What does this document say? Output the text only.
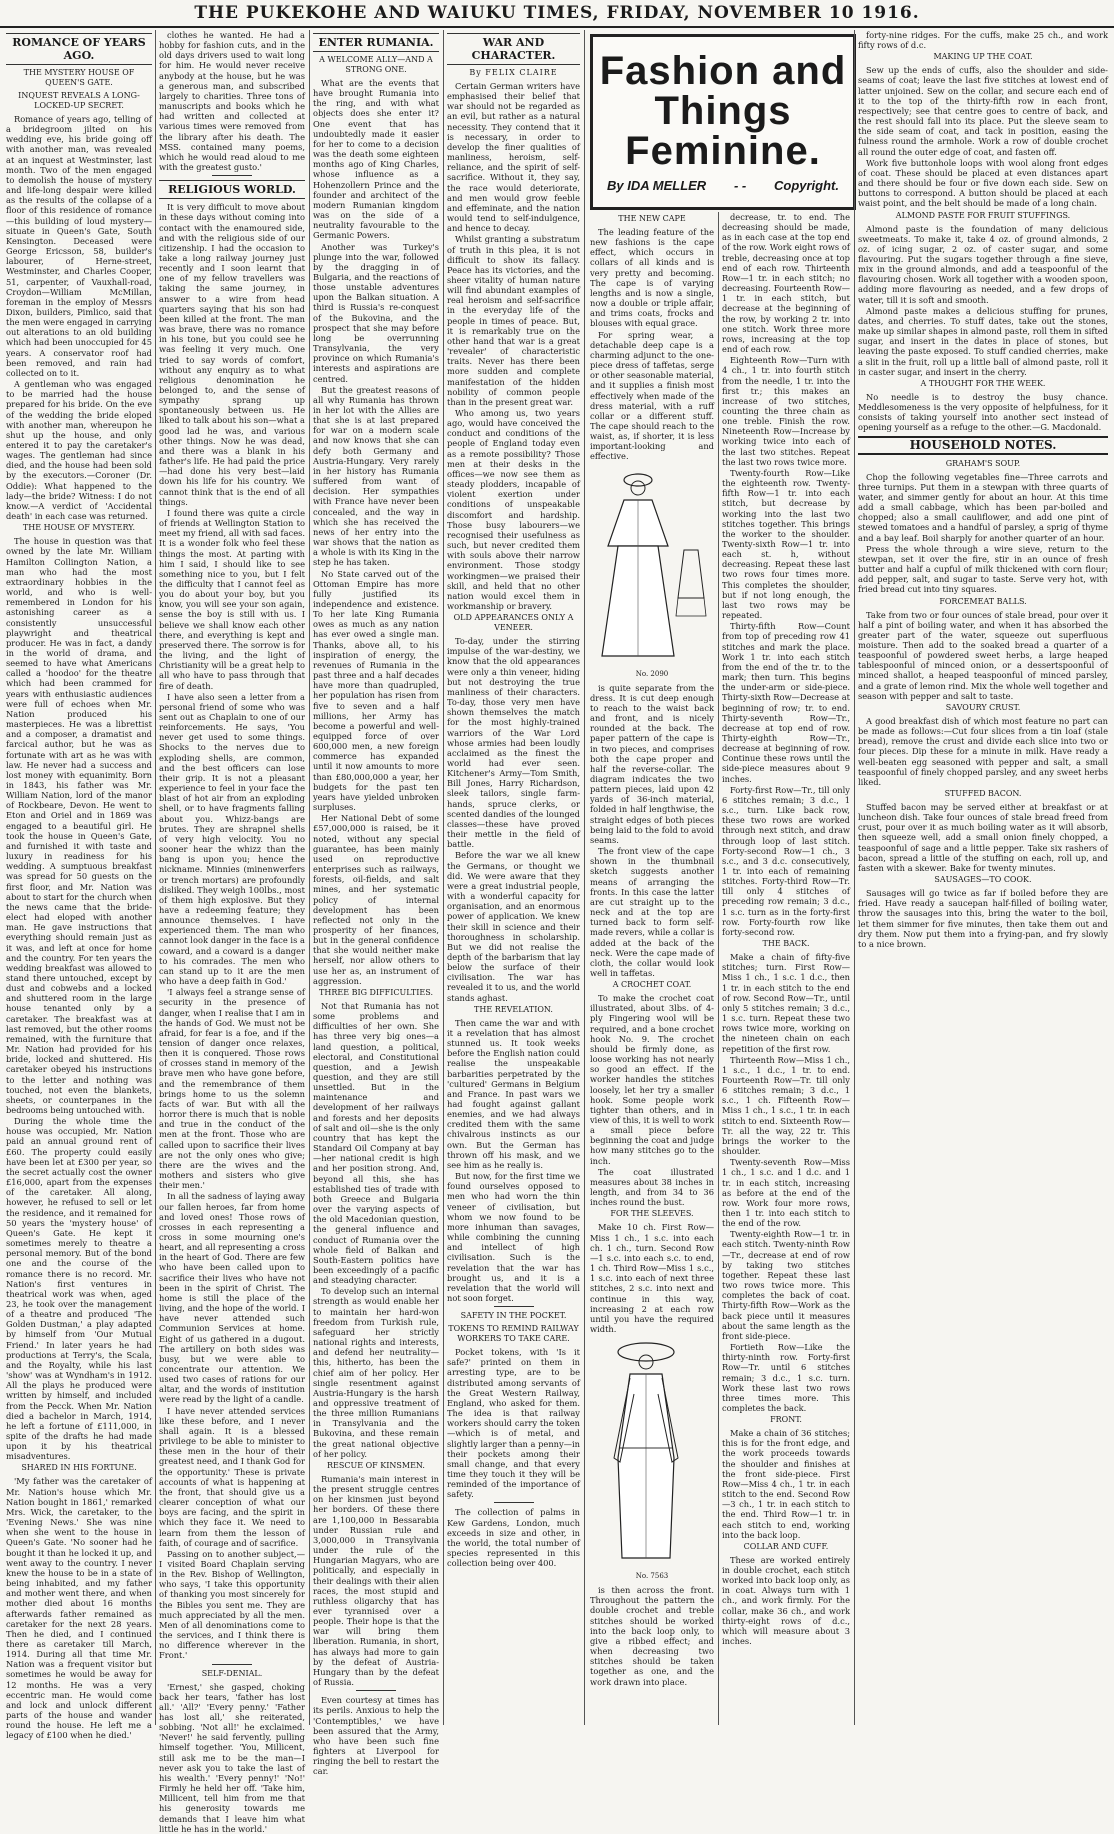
THE PUKEKOHE AND WAIUKU TIMES, FRIDAY, NOVEMBER 10 1916.
ROMANCE OF YEARS AGO.
THE MYSTERY HOUSE OF QUEEN'S GATE.
INQUEST REVEALS A LONG-LOCKED-UP SECRET.

Romance of years ago, telling of a bridegroom jilted on his wedding eve, his bride going off with another man, was revealed at an inquest at Westminster, last month. Two of the men engaged to demolish the house of mystery and life-long despair were killed as the results of the collapse of a floor of this residence of romance—this building of loud mystery—situate in Queen's Gate, South Kensington. Deceased were George Ericsson, 58, builder's labourer, of Herne-street, Westminster, and Charles Cooper, 51, carpenter, of Vauxhall-road, Croydon—William McMillan, foreman in the employ of Messrs Dixon, builders, Pimlico, said that the men were engaged in carrying out alterations to an old building which had been unoccupied for 45 years. A conservator roof had been removed, and rain had collected on to it.

A gentleman who was engaged to be married had the house prepared for his bride. On the eve of the wedding the bride eloped with another man, whereupon he shut up the house, and only entered it to pay the caretaker's wages. The gentleman had since died, and the house had been sold by the executors.—Coroner (Dr. Oddie): What happened to the lady—the bride? Witness: I do not know.—A verdict of 'Accidental death' in each case was returned.

THE HOUSE OF MYSTERY.

The house in question was that owned by the late Mr. William Hamilton Collington Nation, a man who had the most extraordinary hobbies in the world, and who is well-remembered in London for his astonishing career as a consistently unsuccessful playwright and theatrical producer. He was in fact, a dandy in the world of drama, and seemed to have what Americans called a 'hoodoo' for the theatre which had been crammed for years with enthusiastic audiences were full of echoes when Mr. Nation produced his masterpieces. He was a librettist and a composer, a dramatist and farcical author, but he was as fortunate with art as he was with law. He never had a success and lost money with equanimity. Born in 1843, his father was Mr. William Nation, lord of the manor of Rockbeare, Devon. He went to Eton and Oriel and in 1869 was engaged to a beautiful girl. He took the house in Queen's Gate, and furnished it with taste and luxury in readiness for his wedding. A sumptuous breakfast was spread for 50 guests on the first floor, and Mr. Nation was about to start for the church when the news came that the bride-elect had eloped with another man. He gave instructions that everything should remain just as it was, and left at once for home and the country. For ten years the wedding breakfast was allowed to stand there untouched, except by dust and cobwebs and a locked and shuttered room in the large house tenanted only by a caretaker. The breakfast was at last removed, but the other rooms remained, with the furniture that Mr. Nation had provided for his bride, locked and shuttered. His caretaker obeyed his instructions to the letter and nothing was touched, not even the blankets, sheets, or counterpanes in the bedrooms being untouched with.

During the whole time the house was occupied, Mr. Nation paid an annual ground rent of £60. The property could easily have been let at £300 per year, so the secret actually cost the owner £16,000, apart from the expenses of the caretaker. All along, however, he refused to sell or let the residence, and it remained for 50 years the 'mystery house' of Queen's Gate. He kept it sometimes merely to theatre a personal memory. But of the bond one and the course of the romance there is no record. Mr. Nation's first ventures in theatrical work was when, aged 23, he took over the management of a theatre and produced 'The Golden Dustman,' a play adapted by himself from 'Our Mutual Friend.' In later years he had productions at Terry's, the Scala, and the Royalty, while his last 'show' was at Wyndham's in 1912. All the plays he produced were written by himself, and included from the Pecck. When Mr. Nation died a bachelor in March, 1914, he left a fortune of £111,000, in spite of the drafts he had made upon it by his theatrical misadventures.

SHARED IN HIS FORTUNE.

'My father was the caretaker of Mr. Nation's house which Mr. Nation bought in 1861,' remarked Mrs. Wick, the caretaker, to the 'Evening News.' She was nine when she went to the house in Queen's Gate. 'No sooner had he bought it than he locked it up, and went away to the country. I never knew the house to be in a state of being inhabited, and my father and mother went there, and when mother died about 16 months afterwards father remained as caretaker for the next 28 years. Then he died, and I continued there as caretaker till March, 1914. During all that time Mr. Nation was a frequent visitor but sometimes he would be away for 12 months. He was a very eccentric man. He would come and lock and unlock different parts of the house and wander round the house. He left me a legacy of £100 when he died.'

clothes he wanted. He had a hobby for fashion cuts, and in the old days drivers used to wait long for him. He would never receive anybody at the house, but he was a generous man, and subscribed largely to charities. Three tons of manuscripts and books which he had written and collected at various times were removed from the library after his death. The MSS. contained many poems, which he would read aloud to me with the greatest gusto.'

RELIGIOUS WORLD.

It is very difficult to move about in these days without coming into contact with the enamoured side, and with the religious side of our citizenship. I had the occasion to take a long railway journey just recently and I soon learnt that one of my fellow travellers was taking the same journey, in answer to a wire from head quarters saying that his son had been killed at the front. The man was brave, there was no romance in his tone, but you could see he was feeling it very much. One tried to say words of comfort, without any enquiry as to what religious denomination he belonged to, and the sense of sympathy sprang up spontaneously between us. He liked to talk about his son—what a good lad he was, and various other things. Now he was dead, and there was a blank in his father's life. He had paid the price—had done his very best—laid down his life for his country. We cannot think that is the end of all things.

I found there was quite a circle of friends at Wellington Station to meet my friend, all with sad faces. It is a wonder folk who feel these things the most. At parting with him I said, I should like to see something nice to you, but I felt the difficulty that I cannot feel as you do about your boy, but you know, you will see your son again, sense the boy is still with us. I believe we shall know each other there, and everything is kept and preserved there. The sorrow is for the living, and the light of Christianity will be a great help to all who have to pass through that fire of death.

I have also seen a letter from a personal friend of some who was sent out as Chaplain to one of our reinforcements. He says, 'You never get used to some things. Shocks to the nerves due to exploding shells, are common, and the best officers can lose their grip. It is not a pleasant experience to feel in your face the blast of hot air from an exploding shell, or to have fragments falling about you. Whizz-bangs are brutes. They are shrapnel shells of very high velocity. You no sooner hear the whizz than the bang is upon you; hence the nickname. Minnies (minenwerfers or trench mortars) are profoundly disliked. They weigh 100lbs., most of them high explosive. But they have a redeeming feature; they announce themselves. I have experienced them. The man who cannot look danger in the face is a coward, and a coward is a danger to his comrades. The men who can stand up to it are the men who have a deep faith in God.'

'I always feel a strange sense of security in the presence of danger, when I realise that I am in the hands of God. We must not be afraid, for fear is a foe, and if the tension of danger once relaxes, then it is conquered. Those rows of crosses stand in memory of the brave men who have gone before, and the remembrance of them brings home to us the solemn facts of war. But with all the horror there is much that is noble and true in the conduct of the men at the front. Those who are called upon to sacrifice their lives are not the only ones who give; there are the wives and the mothers and sisters who give their men.'

In all the sadness of laying away our fallen heroes, far from home and loved ones! Those rows of crosses in each representing a cross in some mourning one's heart, and all representing a cross in the heart of God. There are few who have been called upon to sacrifice their lives who have not been in the spirit of Christ. The home is still the place of the living, and the hope of the world. I have never attended such Communion Services at home. Eight of us gathered in a dugout. The artillery on both sides was busy, but we were able to concentrate our attention. We used two cases of rations for our altar, and the words of institution were read by the light of a candle.

I have never attended services like these before, and I never shall again. It is a blessed privilege to be able to minister to these men in the hour of their greatest need, and I thank God for the opportunity.' These is private accounts of what is happening at the front, that should give us a clearer conception of what our boys are facing, and the spirit in which they face it. We need to learn from them the lesson of faith, of courage and of sacrifice.

Passing on to another subject,—I visited Board Chaplain serving in the Rev. Bishop of Wellington, who says, 'I take this opportunity of thanking you most sincerely for the Bibles you sent me. They are much appreciated by all the men. Men of all denominations come to the services, and I think there is no difference wherever in the Front.'

SELF-DENIAL.

'Ernest,' she gasped, choking back her tears, 'father has lost all.' 'All?' 'Every penny.' 'Father has lost all,' she reiterated, sobbing. 'Not all!' he exclaimed. 'Never!' he said fervently, pulling himself together. 'You, Millicent, still ask me to be the man—I never ask you to take the last of his wealth.' 'Every penny!' 'No!' Firmly he held her off. 'Take him, Millicent, tell him from me that his generosity towards me demands that I leave him what little he has in the world.'

ENTER RUMANIA.
A WELCOME ALLY—AND A STRONG ONE.

What are the events that have brought Rumania into the ring, and with what objects does she enter it? One event that has undoubtedly made it easier for her to come to a decision was the death some eighteen months ago of King Charles, whose influence as a Hohenzollern Prince and the founder and architect of the modern Rumanian kingdom was on the side of a neutrality favourable to the Germanic Powers.

Another was Turkey's plunge into the war, followed by the dragging in of Bulgaria, and the reactions of those unstable adventures upon the Balkan situation. A third is Russia's re-conquest of the Bukovina, and the prospect that she may before long be overrunning Transylvania, the very province on which Rumania's interests and aspirations are centred.

But the greatest reasons of all why Rumania has thrown in her lot with the Allies are that she is at last prepared for war on a modern scale and now knows that she can defy both Germany and Austria-Hungary. Very rarely in her history has Rumania suffered from want of decision. Her sympathies with France have never been concealed, and the way in which she has received the news of her entry into the war shows that the nation as a whole is with its King in the step he has taken.

No State carved out of the Ottoman Empire has more fully justified its independence and existence. To her late King Rumania owes as much as any nation has ever owed a single man. Thanks, above all, to his inspiration of energy, the revenues of Rumania in the past three and a half decades have more than quadrupled, her population has risen from five to seven and a half millions, her Army has become a powerful and well-equipped force of over 600,000 men, a new foreign commerce has expanded until it now amounts to more than £80,000,000 a year, her budgets for the past ten years have yielded unbroken surpluses.

Her National Debt of some £57,000,000 is raised, be it noted, without any special guarantee, has been mainly used on reproductive enterprises such as railways, forests, oil-fields, and salt mines, and her systematic policy of internal development has been reflected not only in the prosperity of her finances, but in the general confidence that she would neither make herself, nor allow others to use her as, an instrument of aggression.

THREE BIG DIFFICULTIES.

Not that Rumania has not some problems and difficulties of her own. She has three very big ones—a land question, a political, electoral, and Constitutional question, and a Jewish question, and they are still unsettled. But in the maintenance and development of her railways and forests and her deposits of salt and oil—she is the only country that has kept the Standard Oil Company at bay—her national credit is high and her position strong. And, beyond all this, she has established ties of trade with both Greece and Bulgaria over the varying aspects of the old Macedonian question, the general influence and conduct of Rumania over the whole field of Balkan and South-Eastern politics have been exceedingly of a pacific and steadying character.

To develop such an internal strength as would enable her to maintain her hard-won freedom from Turkish rule, safeguard her strictly national rights and interests, and defend her neutrality—this, hitherto, has been the chief aim of her policy. Her single resentment against Austria-Hungary is the harsh and oppressive treatment of the three million Rumanians in Transylvania and the Bukovina, and these remain the great national objective of her policy.

RESCUE OF KINSMEN.

Rumania's main interest in the present struggle centres on her kinsmen just beyond her borders. Of these there are 1,100,000 in Bessarabia under Russian rule and 3,000,000 in Transylvania under the rule of the Hungarian Magyars, who are politically, and especially in their dealings with their alien races, the most stupid and ruthless oligarchy that has ever tyrannised over a people. Their hope is that the war will bring them liberation. Rumania, in short, has always had more to gain by the defeat of Austria-Hungary than by the defeat of Russia.

Even courtesy at times has its perils. Anxious to help the 'Contemptibles,' we have been assured that the Army, who have been such fine fighters at Liverpool for ringing the bell to restart the car.

WAR AND CHARACTER.
By FELIX CLAIRE

Certain German writers have emphasised their belief that war should not be regarded as an evil, but rather as a natural necessity. They contend that it is necessary, in order to develop the finer qualities of manliness, heroism, self-reliance, and the spirit of self-sacrifice. Without it, they say, the race would deteriorate, and men would grow feeble and effeminate, and the nation would tend to self-indulgence, and hence to decay.

Whilst granting a substratum of truth in this plea, it is not difficult to show its fallacy. Peace has its victories, and the sheer vitality of human nature will find abundant examples of real heroism and self-sacrifice in the everyday life of the people in times of peace. But, it is remarkably true on the other hand that war is a great 'revealer' of characteristic traits. Never has there been more sudden and complete manifestation of the hidden nobility of common people than in the present great war.

Who among us, two years ago, would have conceived the conduct and conditions of the people of England today even as a remote possibility? Those men at their desks in the offices—we now see them as steady plodders, incapable of violent exertion under conditions of unspeakable discomfort and hardship. Those busy labourers—we recognised their usefulness as such, but never credited them with souls above their narrow environment. Those stodgy workingmen—we praised their skill, and held that no other nation would excel them in workmanship or bravery.

OLD APPEARANCES ONLY A VENEER.

To-day, under the stirring impulse of the war-destiny, we know that the old appearances were only a thin veneer, hiding but not destroying the true manliness of their characters. To-day, those very men have shown themselves the match for the most highly-trained warriors of the War Lord whose armies had been loudly acclaimed as the finest the world had ever seen. Kitchener's Army—Tom Smith, Bill Jones, Harry Richardson, sleek tailors, single farm-hands, spruce clerks, or scented dandies of the lounged classes—these have proved their mettle in the field of battle.

Before the war we all knew the Germans, or thought we did. We were aware that they were a great industrial people, with a wonderful capacity for organisation, and an enormous power of application. We knew their skill in science and their thoroughness in scholarship. But we did not realise the depth of the barbarism that lay below the surface of their civilisation. The war has revealed it to us, and the world stands aghast.

THE REVELATION.

Then came the war and with it a revelation that has almost stunned us. It took weeks before the English nation could realise the unspeakable barbarities perpetrated by the 'cultured' Germans in Belgium and France. In past wars we had fought against gallant enemies, and we had always credited them with the same chivalrous instincts as our own. But the German has thrown off his mask, and we see him as he really is.

But now, for the first time we found ourselves opposed to men who had worn the thin veneer of civilisation, but whom we now found to be more inhuman than savages, while combining the cunning and intellect of high civilisation. Such is the revelation that the war has brought us, and it is a revelation that the world will not soon forget.

SAFETY IN THE POCKET.
TOKENS TO REMIND RAILWAY WORKERS TO TAKE CARE.

Pocket tokens, with 'Is it safe?' printed on them in arresting type, are to be distributed among servants of the Great Western Railway, England, who asked for them. The idea is that railway workers should carry the token—which is of metal, and slightly larger than a penny—in their pockets among their small change, and that every time they touch it they will be reminded of the importance of safety.

The collection of palms in Kew Gardens, London, much exceeds in size and other, in the world, the total number of species represented in this collection being over 400.

Fashion and Things
Feminine.
By IDA MELLER - - Copyright.
THE NEW CAPE

The leading feature of the new fashions is the cape effect, which occurs in collars of all kinds and is very pretty and becoming. The cape is of varying lengths and is now a single, now a double or triple affair, and trims coats, frocks and blouses with equal grace.

For spring wear, a detachable deep cape is a charming adjunct to the one-piece dress of taffetas, serge or other seasonable material, and it supplies a finish most effectively when made of the dress material, with a ruff collar or a different stuff. The cape should reach to the waist, as, if shorter, it is less important-looking and effective.

No. 2090

is quite separate from the dress. It is cut deep enough to reach to the waist back and front, and is nicely rounded at the back. The paper pattern of the cape is in two pieces, and comprises both the cape proper and half the reverse-collar. The diagram indicates the two pattern pieces, laid upon 42 yards of 36-inch material, folded in half lengthwise, the straight edges of both pieces being laid to the fold to avoid seams.

The front view of the cape shown in the thumbnail sketch suggests another means of arranging the fronts. In this case the latter are cut straight up to the neck and at the top are turned back to form self-made revers, while a collar is added at the back of the neck. Were the cape made of cloth, the collar would look well in taffetas.

A CROCHET COAT.

To make the crochet coat illustrated, about 3lbs. of 4-ply Fingering wool will be required, and a bone crochet hook No. 9. The crochet should be firmly done, as loose working has not nearly so good an effect. If the worker handles the stitches loosely, let her try a smaller hook. Some people work tighter than others, and in view of this, it is well to work a small piece before beginning the coat and judge how many stitches go to the inch.

The coat illustrated measures about 38 inches in length, and from 34 to 36 inches round the bust.

FOR THE SLEEVES.

Make 10 ch. First Row—Miss 1 ch., 1 s.c. into each ch. 1 ch., turn. Second Row—1 s.c. into each s.c. to end, 1 ch. Third Row—Miss 1 s.c., 1 s.c. into each of next three stitches, 2 s.c. into next and continue in this way, increasing 2 at each row until you have the required width.

No. 7563

is then across the front. Throughout the pattern the double crochet and treble stitches should be worked into the back loop only, to give a ribbed effect; and when decreasing two stitches should be taken together as one, and the work drawn into place.

decrease, tr. to end. The decreasing should be made, as in each case at the top end of the row. Work eight rows of treble, decreasing once at top end of each row. Thirteenth Row—1 tr. in each stitch; no decreasing. Fourteenth Row—1 tr. in each stitch, but decrease at the beginning of the row, by working 2 tr. into one stitch. Work three more rows, increasing at the top end of each row.

Eighteenth Row—Turn with 4 ch., 1 tr. into fourth stitch from the needle, 1 tr. into the first tr.; this makes an increase of two stitches, counting the three chain as one treble. Finish the row. Nineteenth Row—Increase by working twice into each of the last two stitches. Repeat the last two rows twice more.

Twenty-fourth Row—Like the eighteenth row. Twenty-fifth Row—1 tr. into each stitch, but decrease by working into the last two stitches together. This brings the worker to the shoulder. Twenty-sixth Row—1 tr. into each st. h, without decreasing. Repeat these last two rows four times more. This completes the shoulder, but if not long enough, the last two rows may be repeated.

Thirty-fifth Row—Count from top of preceding row 41 stitches and mark the place. Work 1 tr. into each stitch from the end of the tr. to the mark; then turn. This begins the under-arm or side-piece. Thirty-sixth Row—Decrease at beginning of row; tr. to end. Thirty-seventh Row—Tr., decrease at top end of row. Thirty-eighth Row—Tr., decrease at beginning of row. Continue these rows until the side-piece measures about 9 inches.

Forty-first Row—Tr., till only 6 stitches remain; 3 d.c., 1 s.c., turn. Like back row, these two rows are worked through next stitch, and draw through loop of last stitch. Forty-second Row—1 ch., 3 s.c., and 3 d.c. consecutively, 1 tr. into each of remaining stitches. Forty-third Row—Tr. till only 4 stitches of preceding row remain; 3 d.c., 1 s.c. turn as in the forty-first row. Forty-fourth row like forty-second row.

THE BACK.

Make a chain of fifty-five stitches; turn. First Row—Miss 1 ch., 1 s.c. 1 d.c., then 1 tr. in each stitch to the end of row. Second Row—Tr., until only 5 stitches remain; 3 d.c., 1 s.c. turn. Repeat these two rows twice more, working on the nineteen chain on each repetition of the first row.

Thirteenth Row—Miss 1 ch., 1 s.c., 1 d.c., 1 tr. to end. Fourteenth Row—Tr. till only 6 stitches remain; 3 d.c., 1 s.c., 1 ch. Fifteenth Row—Miss 1 ch., 1 s.c., 1 tr. in each stitch to end. Sixteenth Row—Tr. all the way, 22 tr. This brings the worker to the shoulder.

Twenty-seventh Row—Miss 1 ch., 1 s.c. and 1 d.c. and 1 tr. in each stitch, increasing as before at the end of the row. Work four more rows, then 1 tr. into each stitch to the end of the row.

Twenty-eighth Row—1 tr. in each stitch. Twenty-ninth Row—Tr., decrease at end of row by taking two stitches together. Repeat these last two rows twice more. This completes the back of coat. Thirty-fifth Row—Work as the back piece until it measures about the same length as the front side-piece.

Fortieth Row—Like the thirty-ninth row. Forty-first Row—Tr. until 6 stitches remain; 3 d.c., 1 s.c. turn. Work these last two rows three times more. This completes the back.

FRONT.

Make a chain of 36 stitches; this is for the front edge, and the work proceeds towards the shoulder and finishes at the front side-piece. First Row—Miss 4 ch., 1 tr. in each stitch to the end. Second Row—3 ch., 1 tr. in each stitch to the end. Third Row—1 tr. in each stitch to end, working into the back loop.

COLLAR AND CUFF.

These are worked entirely in double crochet, each stitch worked into back loop only, as in coat. Always turn with 1 ch., and work firmly. For the collar, make 36 ch., and work thirty-eight rows of d.c., which will measure about 3 inches.

forty-nine ridges. For the cuffs, make 25 ch., and work fifty rows of d.c.

MAKING UP THE COAT.

Sew up the ends of cuffs, also the shoulder and side-seams of coat; leave the last five stitches at lowest end of latter unjoined. Sew on the collar, and secure each end of it to the top of the thirty-fifth row in each front, respectively; see that centre goes to centre of back, and the rest should fall into its place. Put the sleeve seam to the side seam of coat, and tack in position, easing the fulness round the armhole. Work a row of double crochet all round the outer edge of coat, and fasten off.

Work five buttonhole loops with wool along front edges of coat. These should be placed at even distances apart and there should be four or five down each side. Sew on buttons to correspond. A button should be placed at each waist point, and the belt should be made of a long chain.

ALMOND PASTE FOR FRUIT STUFFINGS.

Almond paste is the foundation of many delicious sweetmeats. To make it, take 4 oz. of ground almonds, 2 oz. of icing sugar, 2 oz. of caster sugar, and some flavouring. Put the sugars together through a fine sieve, mix in the ground almonds, and add a teaspoonful of the flavouring chosen. Work all together with a wooden spoon, adding more flavouring as needed, and a few drops of water, till it is soft and smooth.

Almond paste makes a delicious stuffing for prunes, dates, and cherries. To stuff dates, take out the stones, make up similar shapes in almond paste, roll them in sifted sugar, and insert in the dates in place of stones, but leaving the paste exposed. To stuff candied cherries, make a slit in the fruit, roll up a little ball of almond paste, roll it in caster sugar, and insert in the cherry.

A THOUGHT FOR THE WEEK.

No needle is to destroy the busy chance. Meddlesomeness is the very opposite of helpfulness, for it consists of taking yourself into another sect instead of opening yourself as a refuge to the other.—G. Macdonald.

HOUSEHOLD NOTES.
GRAHAM'S SOUP.

Chop the following vegetables fine—Three carrots and three turnips. Put them in a stewpan with three quarts of water, and simmer gently for about an hour. At this time add a small cabbage, which has been par-boiled and chopped; also a small cauliflower, and add one pint of stewed tomatoes and a handful of parsley, a sprig of thyme and a bay leaf. Boil sharply for another quarter of an hour.

Press the whole through a wire sieve, return to the stewpan, set it over the fire, stir in an ounce of fresh butter and half a cupful of milk thickened with corn flour; add pepper, salt, and sugar to taste. Serve very hot, with fried bread cut into tiny squares.

FORCEMEAT BALLS.

Take from two or four ounces of stale bread, pour over it half a pint of boiling water, and when it has absorbed the greater part of the water, squeeze out superfluous moisture. Then add to the soaked bread a quarter of a teaspoonful of powdered sweet herbs, a large heaped tablespoonful of minced onion, or a dessertspoonful of minced shallot, a heaped teaspoonful of minced parsley, and a grate of lemon rind. Mix the whole well together and season with pepper and salt to taste.

SAVOURY CRUST.

A good breakfast dish of which most feature no part can be made as follows:—Cut four slices from a tin loaf (stale bread), remove the crust and divide each slice into two or four pieces. Dip these for a minute in milk. Have ready a well-beaten egg seasoned with pepper and salt, a small teaspoonful of finely chopped parsley, and any sweet herbs liked.

STUFFED BACON.

Stuffed bacon may be served either at breakfast or at luncheon dish. Take four ounces of stale bread freed from crust, pour over it as much boiling water as it will absorb, then squeeze well, add a small onion finely chopped, a teaspoonful of sage and a little pepper. Take six rashers of bacon, spread a little of the stuffing on each, roll up, and fasten with a skewer. Bake for twenty minutes.

SAUSAGES—TO COOK.

Sausages will go twice as far if boiled before they are fried. Have ready a saucepan half-filled of boiling water, throw the sausages into this, bring the water to the boil, let them simmer for five minutes, then take them out and dry them. Now put them into a frying-pan, and fry slowly to a nice brown.
